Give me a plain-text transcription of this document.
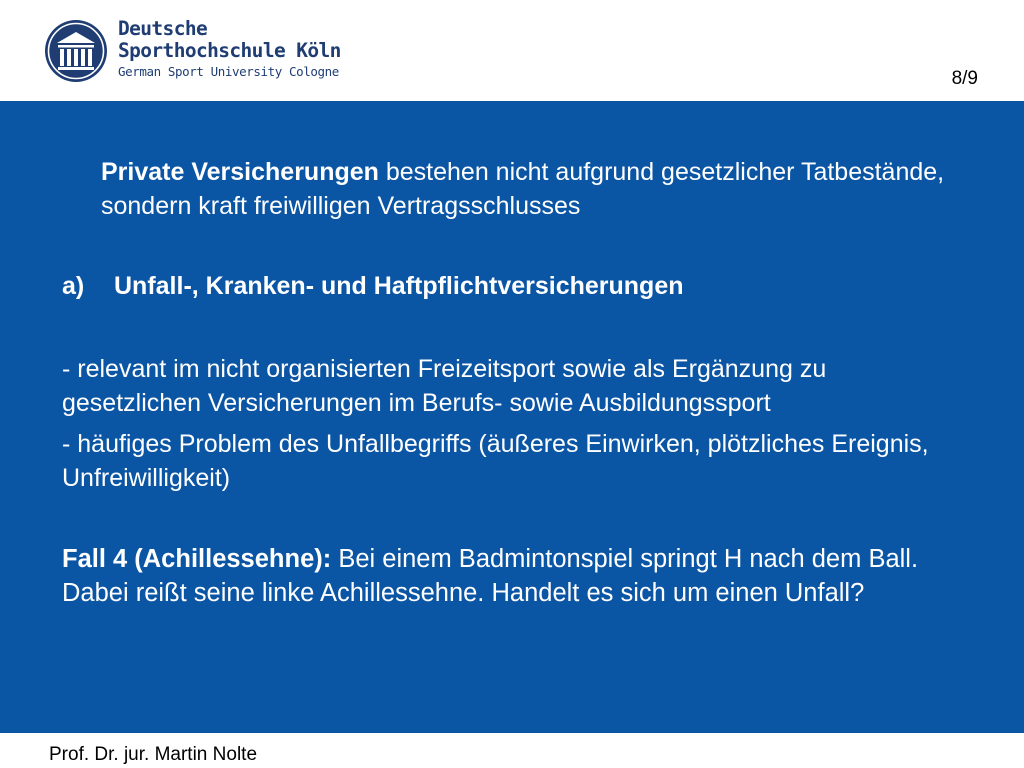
Deutsche
Sporthochschule Köln
German Sport University Cologne	8/9
Private Versicherungen bestehen nicht aufgrund gesetzlicher Tatbestände, sondern kraft freiwilligen Vertragsschlusses
a) Unfall-, Kranken- und Haftpflichtversicherungen
- relevant im nicht organisierten Freizeitsport sowie als Ergänzung zu gesetzlichen Versicherungen im Berufs- sowie Ausbildungssport
- häufiges Problem des Unfallbegriffs (äußeres Einwirken, plötzliches Ereignis, Unfreiwilligkeit)
Fall 4 (Achillessehne): Bei einem Badmintonspiel springt H nach dem Ball. Dabei reißt seine linke Achillessehne. Handelt es sich um einen Unfall?
Prof. Dr. jur. Martin Nolte
